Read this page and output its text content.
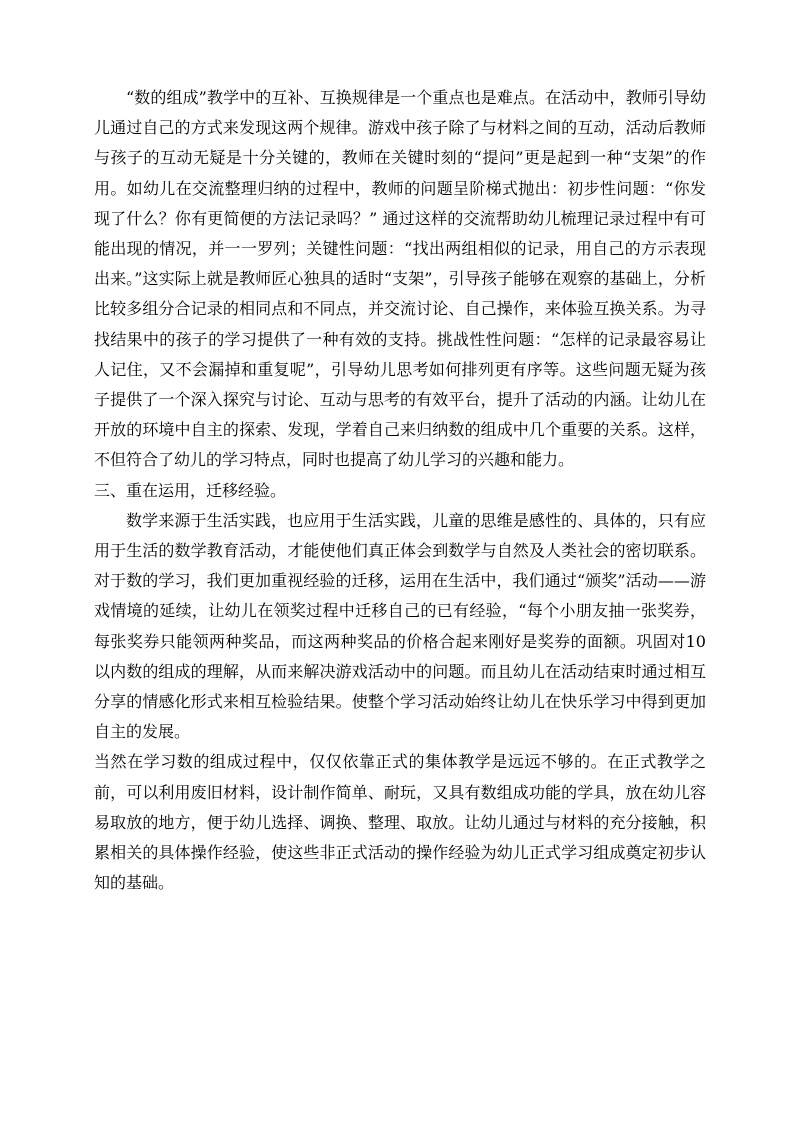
“数的组成”教学中的互补、互换规律是一个重点也是难点。在活动中，教师引导幼儿通过自己的方式来发现这两个规律。游戏中孩子除了与材料之间的互动，活动后教师与孩子的互动无疑是十分关键的，教师在关键时刻的“提问”更是起到一种“支架”的作用。如幼儿在交流整理归纳的过程中，教师的问题呈阶梯式抛出：初步性问题：“你发现了什么？你有更简便的方法记录吗？” 通过这样的交流帮助幼儿梳理记录过程中有可能出现的情况，并一一罗列；关键性问题：“找出两组相似的记录，用自己的方示表现出来。”这实际上就是教师匠心独具的适时“支架”，引导孩子能够在观察的基础上，分析比较多组分合记录的相同点和不同点，并交流讨论、自己操作，来体验互换关系。为寻找结果中的孩子的学习提供了一种有效的支持。挑战性性问题：“怎样的记录最容易让人记住，又不会漏掉和重复呢”，引导幼儿思考如何排列更有序等。这些问题无疑为孩子提供了一个深入探究与讨论、互动与思考的有效平台，提升了活动的内涵。让幼儿在开放的环境中自主的探索、发现，学着自己来归纳数的组成中几个重要的关系。这样，不但符合了幼儿的学习特点，同时也提高了幼儿学习的兴趣和能力。

三、重在运用，迁移经验。

数学来源于生活实践，也应用于生活实践，儿童的思维是感性的、具体的，只有应用于生活的数学教育活动，才能使他们真正体会到数学与自然及人类社会的密切联系。对于数的学习，我们更加重视经验的迁移，运用在生活中，我们通过“颁奖”活动——游戏情境的延续，让幼儿在领奖过程中迁移自己的已有经验，“每个小朋友抽一张奖券，每张奖券只能领两种奖品，而这两种奖品的价格合起来刚好是奖券的面额。巩固对10以内数的组成的理解，从而来解决游戏活动中的问题。而且幼儿在活动结束时通过相互分享的情感化形式来相互检验结果。使整个学习活动始终让幼儿在快乐学习中得到更加自主的发展。

当然在学习数的组成过程中，仅仅依靠正式的集体教学是远远不够的。在正式教学之前，可以利用废旧材料，设计制作简单、耐玩，又具有数组成功能的学具，放在幼儿容易取放的地方，便于幼儿选择、调换、整理、取放。让幼儿通过与材料的充分接触，积累相关的具体操作经验，使这些非正式活动的操作经验为幼儿正式学习组成奠定初步认知的基础。
